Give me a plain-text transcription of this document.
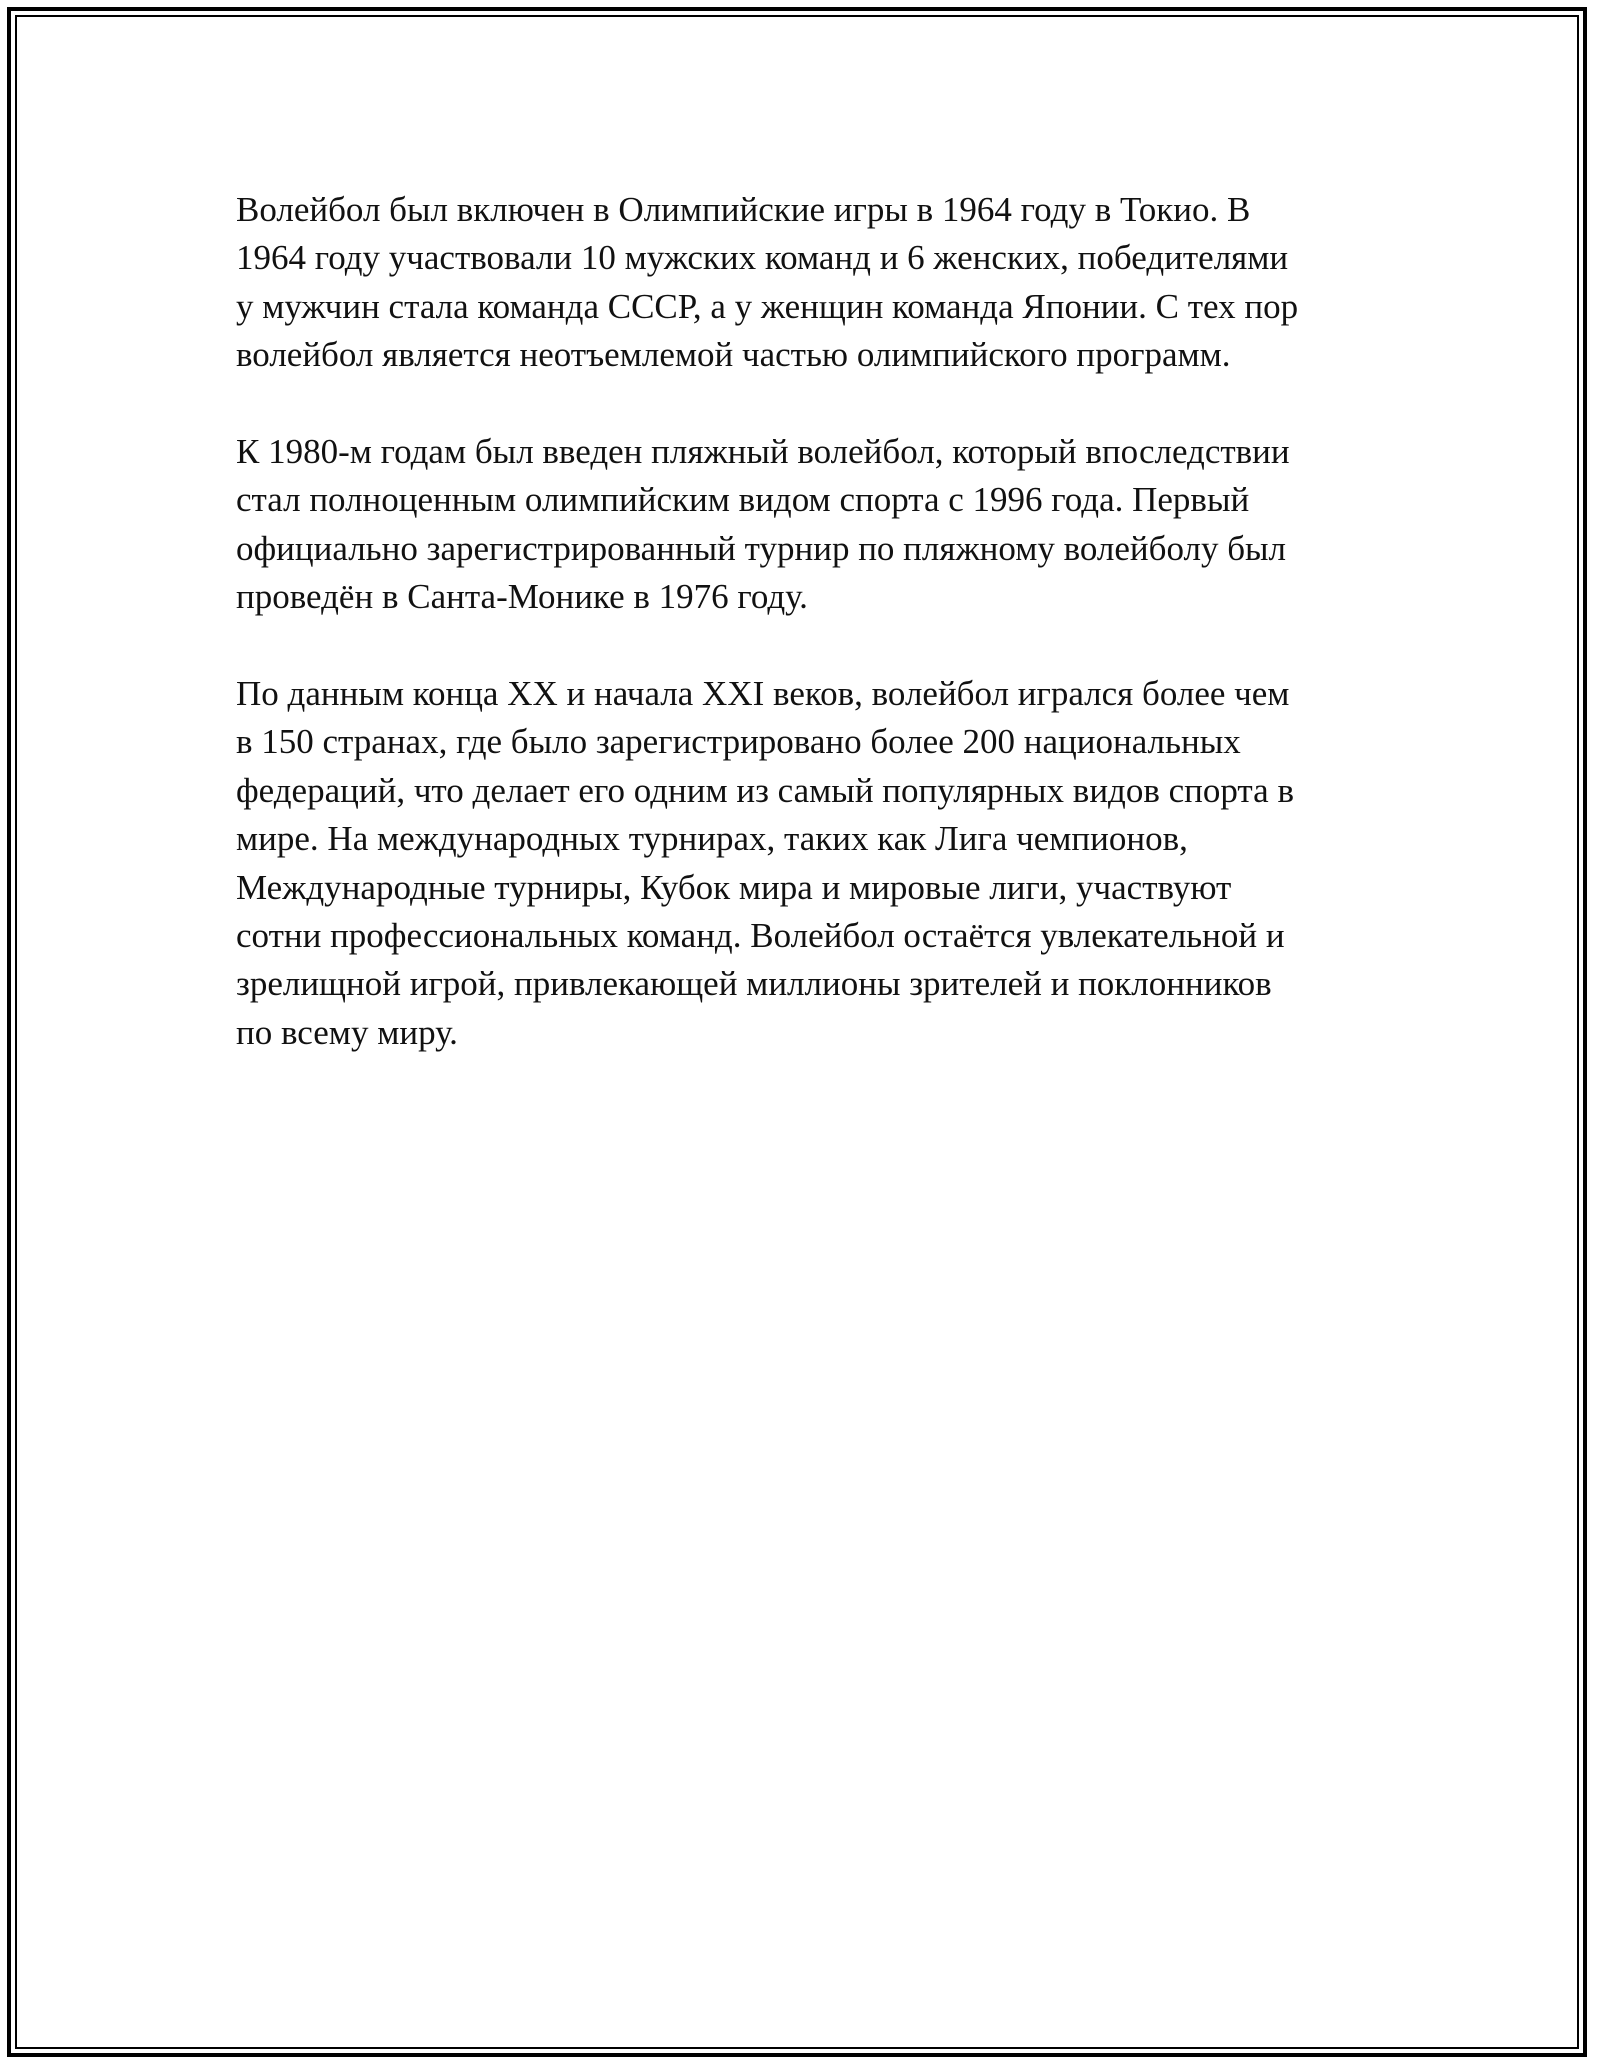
Волейбол был включен в Олимпийские игры в 1964 году в Токио. В
1964 году участвовали 10 мужских команд и 6 женских, победителями
у мужчин стала команда СССР, а у женщин команда Японии. С тех пор
волейбол является неотъемлемой частью олимпийского программ.

К 1980-м годам был введен пляжный волейбол, который впоследствии
стал полноценным олимпийским видом спорта с 1996 года. Первый
официально зарегистрированный турнир по пляжному волейболу был
проведён в Санта-Монике в 1976 году.

По данным конца XX и начала XXI веков, волейбол игрался более чем
в 150 странах, где было зарегистрировано более 200 национальных
федераций, что делает его одним из самый популярных видов спорта в
мире. На международных турнирах, таких как Лига чемпионов,
Международные турниры, Кубок мира и мировые лиги, участвуют
сотни профессиональных команд. Волейбол остаётся увлекательной и
зрелищной игрой, привлекающей миллионы зрителей и поклонников
по всему миру.
